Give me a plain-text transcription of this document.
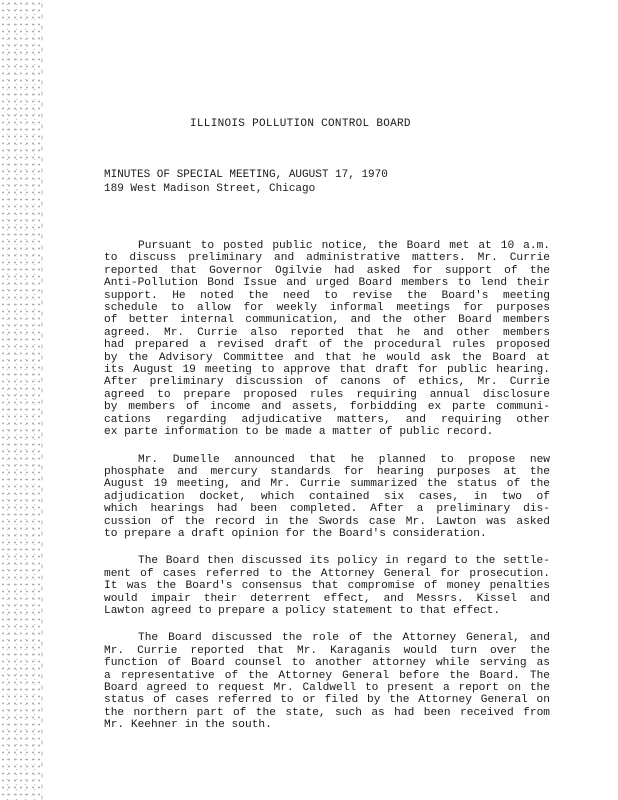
ILLINOIS POLLUTION CONTROL BOARD
MINUTES OF SPECIAL MEETING, AUGUST 17, 1970
189 West Madison Street, Chicago
Pursuant to posted public notice, the Board met at 10 a.m.
to discuss preliminary and administrative matters. Mr. Currie
reported that Governor Ogilvie had asked for support of the
Anti-Pollution Bond Issue and urged Board members to lend their
support. He noted the need to revise the Board's meeting
schedule to allow for weekly informal meetings for purposes
of better internal communication, and the other Board members
agreed. Mr. Currie also reported that he and other members
had prepared a revised draft of the procedural rules proposed
by the Advisory Committee and that he would ask the Board at
its August 19 meeting to approve that draft for public hearing.
After preliminary discussion of canons of ethics, Mr. Currie
agreed to prepare proposed rules requiring annual disclosure
by members of income and assets, forbidding ex parte communi-
cations regarding adjudicative matters, and requiring other
ex parte information to be made a matter of public record.
Mr. Dumelle announced that he planned to propose new
phosphate and mercury standards for hearing purposes at the
August 19 meeting, and Mr. Currie summarized the status of the
adjudication docket, which contained six cases, in two of
which hearings had been completed. After a preliminary dis-
cussion of the record in the Swords case Mr. Lawton was asked
to prepare a draft opinion for the Board's consideration.
The Board then discussed its policy in regard to the settle-
ment of cases referred to the Attorney General for prosecution.
It was the Board's consensus that compromise of money penalties
would impair their deterrent effect, and Messrs. Kissel and
Lawton agreed to prepare a policy statement to that effect.
The Board discussed the role of the Attorney General, and
Mr. Currie reported that Mr. Karaganis would turn over the
function of Board counsel to another attorney while serving as
a representative of the Attorney General before the Board. The
Board agreed to request Mr. Caldwell to present a report on the
status of cases referred to or filed by the Attorney General on
the northern part of the state, such as had been received from
Mr. Keehner in the south.
